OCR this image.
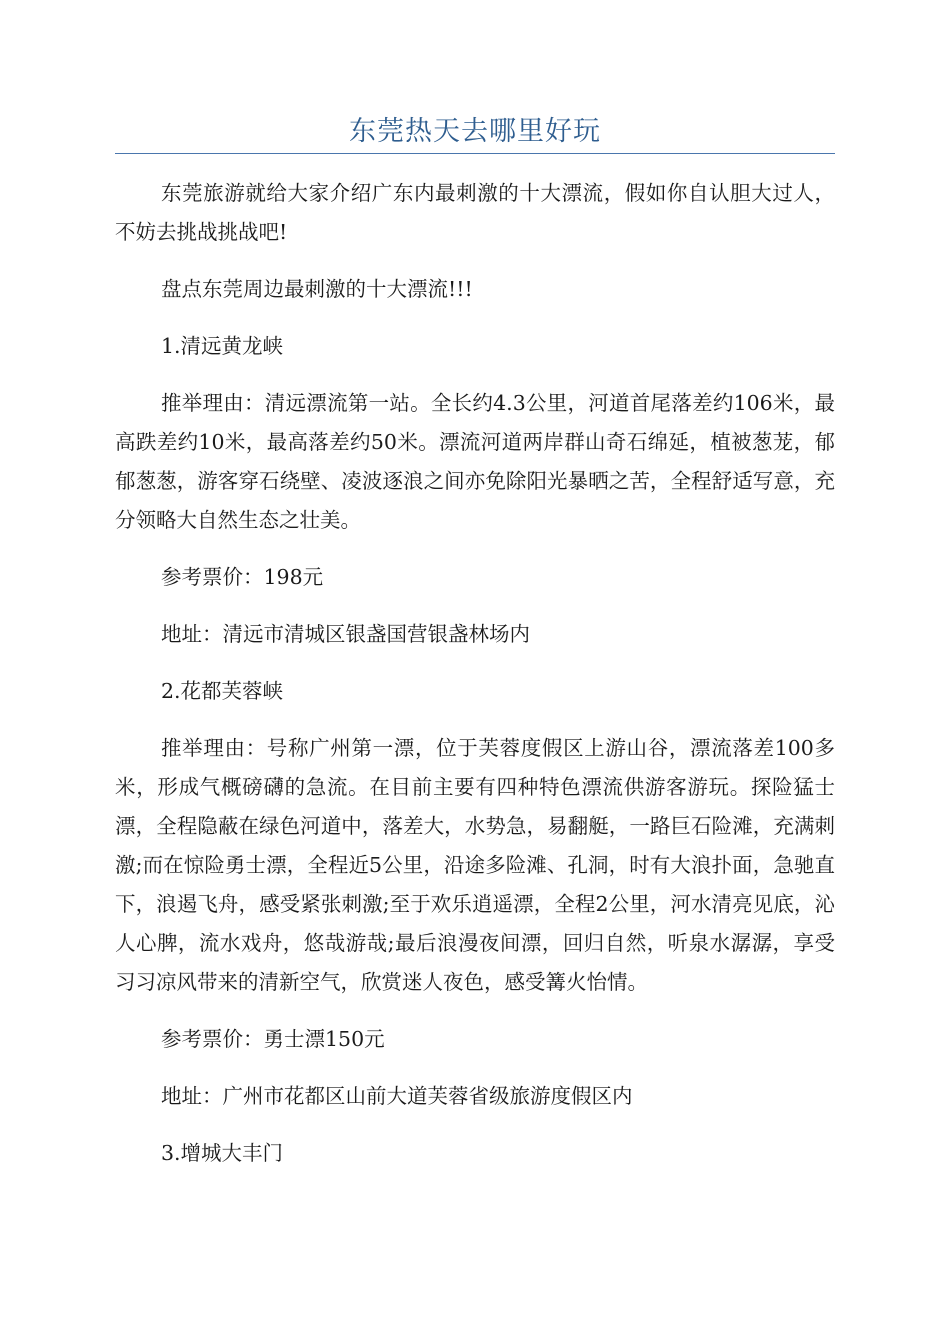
东莞热天去哪里好玩

东莞旅游就给大家介绍广东内最刺激的十大漂流，假如你自认胆大过人，不妨去挑战挑战吧!

盘点东莞周边最刺激的十大漂流!!!

1.清远黄龙峡

推举理由：清远漂流第一站。全长约4.3公里，河道首尾落差约106米，最高跌差约10米，最高落差约50米。漂流河道两岸群山奇石绵延，植被葱茏，郁郁葱葱，游客穿石绕壁、凌波逐浪之间亦免除阳光暴晒之苦，全程舒适写意，充分领略大自然生态之壮美。

参考票价：198元

地址：清远市清城区银盏国营银盏林场内

2.花都芙蓉峡

推举理由：号称广州第一漂，位于芙蓉度假区上游山谷，漂流落差100多米，形成气概磅礴的急流。在目前主要有四种特色漂流供游客游玩。探险猛士漂，全程隐蔽在绿色河道中，落差大，水势急，易翻艇，一路巨石险滩，充满刺激;而在惊险勇士漂，全程近5公里，沿途多险滩、孔洞，时有大浪扑面，急驰直下，浪遏飞舟，感受紧张刺激;至于欢乐逍遥漂，全程2公里，河水清亮见底，沁人心脾，流水戏舟，悠哉游哉;最后浪漫夜间漂，回归自然，听泉水潺潺，享受习习凉风带来的清新空气，欣赏迷人夜色，感受篝火怡情。

参考票价：勇士漂150元

地址：广州市花都区山前大道芙蓉省级旅游度假区内

3.增城大丰门
